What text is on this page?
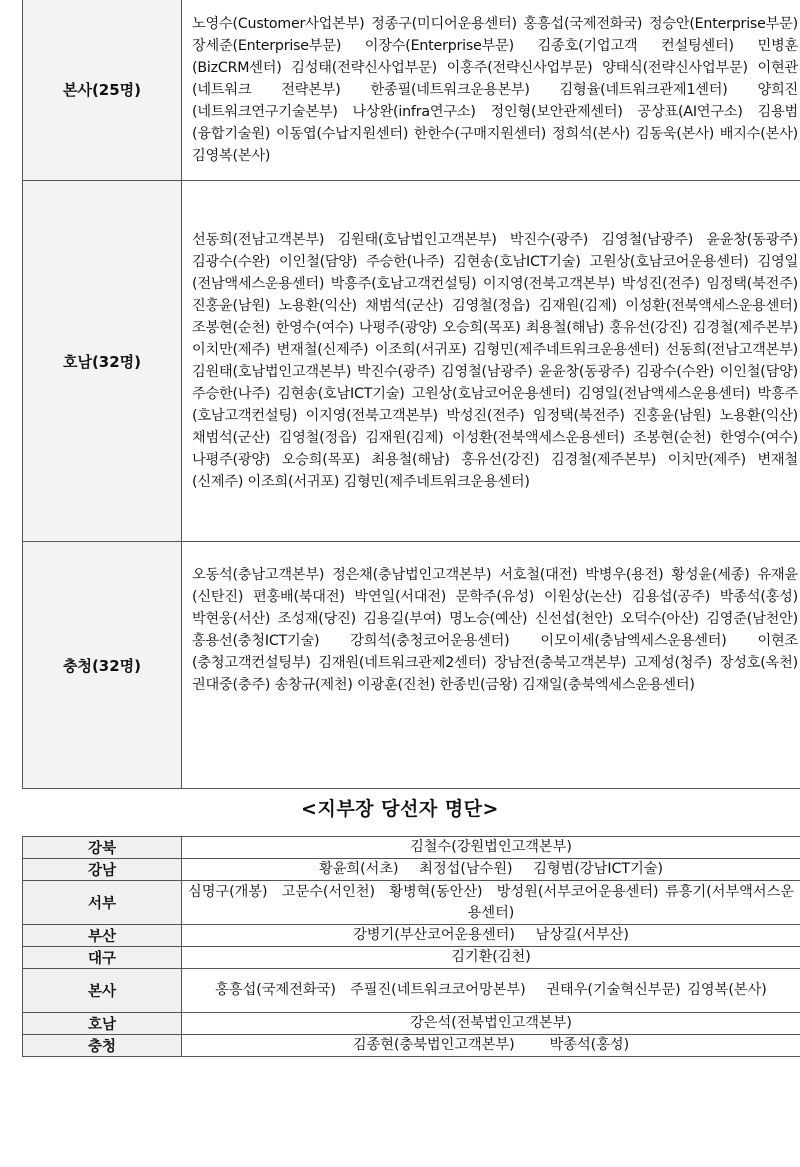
본사(25명)	노영수(Customer사업본부) 정종구(미디어운용센터) 홍흥섭(국제전화국) 정승안(Enterprise부문) 장세준(Enterprise부문) 이장수(Enterprise부문) 김종호(기업고객 컨설팅센터) 민병훈(BizCRM센터) 김성태(전략신사업부문) 이홍주(전략신사업부문) 양태식(전략신사업부문) 이현관(네트워크 전략본부) 한종필(네트워크운용본부) 김형율(네트워크관제1센터) 양희진(네트워크연구기술본부) 나상완(infra연구소) 정인형(보안관제센터) 공상표(AI연구소) 김용범(융합기술원) 이동엽(수납지원센터) 한한수(구매지원센터) 정희석(본사) 김동욱(본사) 배지수(본사) 김영복(본사)
호남(32명)	선동희(전남고객본부) 김원태(호남법인고객본부) 박진수(광주) 김영철(남광주) 윤윤창(동광주) 김광수(수완) 이인철(담양) 주승한(나주) 김현송(호남ICT기술) 고원상(호남코어운용센터) 김영일(전남액세스운용센터) 박흥주(호남고객컨설팅) 이지영(전북고객본부) 박성진(전주) 임정택(북전주) 진홍윤(남원) 노용환(익산) 채범석(군산) 김영철(정읍) 김재원(김제) 이성환(전북액세스운용센터) 조봉현(순천) 한영수(여수) 나평주(광양) 오승희(목포) 최용철(해남) 홍유선(강진) 김경철(제주본부) 이치만(제주) 변재철(신제주) 이조희(서귀포) 김형민(제주네트워크운용센터) 선동희(전남고객본부) 김원태(호남법인고객본부) 박진수(광주) 김영철(남광주) 윤윤창(동광주) 김광수(수완) 이인철(담양) 주승한(나주) 김현송(호남ICT기술) 고원상(호남코어운용센터) 김영일(전남액세스운용센터) 박흥주(호남고객컨설팅) 이지영(전북고객본부) 박성진(전주) 임정택(북전주) 진홍윤(남원) 노용환(익산) 채범석(군산) 김영철(정읍) 김재원(김제) 이성환(전북액세스운용센터) 조봉현(순천) 한영수(여수) 나평주(광양) 오승희(목포) 최용철(해남) 홍유선(강진) 김경철(제주본부) 이치만(제주) 변재철(신제주) 이조희(서귀포) 김형민(제주네트워크운용센터)
충청(32명)	오동석(충남고객본부) 정은채(충남법인고객본부) 서호철(대전) 박병우(용전) 황성윤(세종) 유재윤(신탄진) 편홍배(북대전) 박연일(서대전) 문학주(유성) 이원상(논산) 김용섭(공주) 박종석(홍성) 박현웅(서산) 조성재(당진) 김용길(부여) 명노승(예산) 신선섭(천안) 오덕수(아산) 김영준(남천안) 홍용선(충청ICT기술) 강희석(충청코어운용센터) 이모이세(충남엑세스운용센터) 이현조(충청고객컨설팅부) 김재원(네트워크관제2센터) 장남전(충북고객본부) 고제성(청주) 장성호(옥천) 권대중(충주) 송창규(제천) 이광훈(진천) 한종빈(금왕) 김재일(충북엑세스운용센터)
<지부장 당선자 명단>
강북	김철수(강원법인고객본부)
강남	황윤희(서초)　 최정섭(남수원)　 김형범(강남ICT기술)
서부	심명구(개봉)　고문수(서인천)　황병혁(동안산)　방성원(서부코어운용센터) 류흥기(서부액서스운용센터)
부산	강병기(부산코어운용센터)　 남상길(서부산)
대구	김기환(김천)
본사	홍흥섭(국제전화국)　주필진(네트워크코어망본부)　 권태우(기술혁신부문) 김영복(본사)
호남	강은석(전북법인고객본부)
충청	김종현(충북법인고객본부)　　 박종석(홍성)
